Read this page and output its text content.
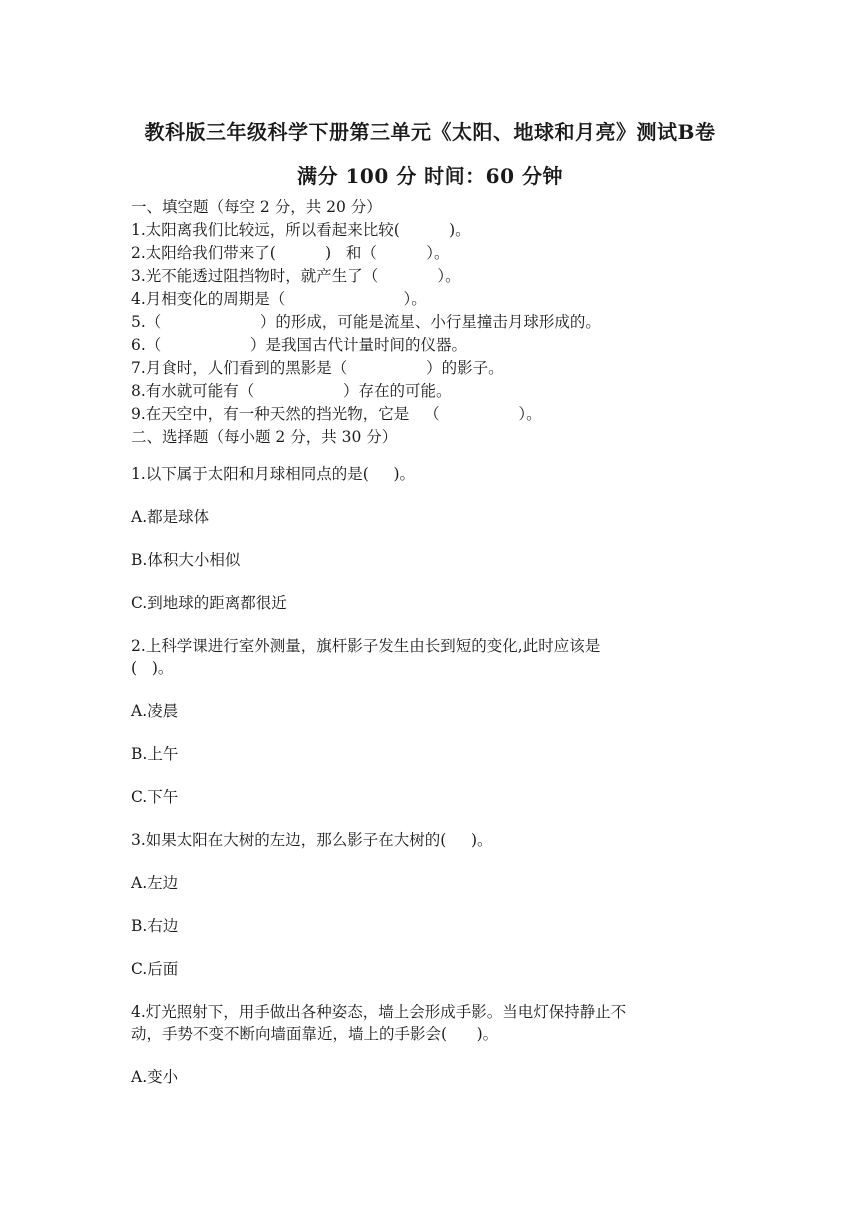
教科版三年级科学下册第三单元《太阳、地球和月亮》测试B卷
满分 100 分 时间：60 分钟

一、填空题（每空 2 分，共 20 分）

1.太阳离我们比较远，所以看起来比较(          )。

2.太阳给我们带来了(          )   和（          ）。

3.光不能透过阻挡物时，就产生了（            ）。

4.月相变化的周期是（                        ）。

5.（                    ）的形成，可能是流星、小行星撞击月球形成的。

6.（                  ）是我国古代计量时间的仪器。

7.月食时，人们看到的黑影是（                ）的影子。

8.有水就可能有（                  ）存在的可能。

9.在天空中，有一种天然的挡光物，它是   （                ）。

二、选择题（每小题 2 分，共 30 分）

1.以下属于太阳和月球相同点的是(     )。

A.都是球体

B.体积大小相似

C.到地球的距离都很近

2.上科学课进行室外测量，旗杆影子发生由长到短的变化,此时应该是

(   )。

A.凌晨

B.上午

C.下午

3.如果太阳在大树的左边，那么影子在大树的(     )。

A.左边

B.右边

C.后面

4.灯光照射下，用手做出各种姿态，墙上会形成手影。当电灯保持静止不

动，手势不变不断向墙面靠近，墙上的手影会(      )。

A.变小
